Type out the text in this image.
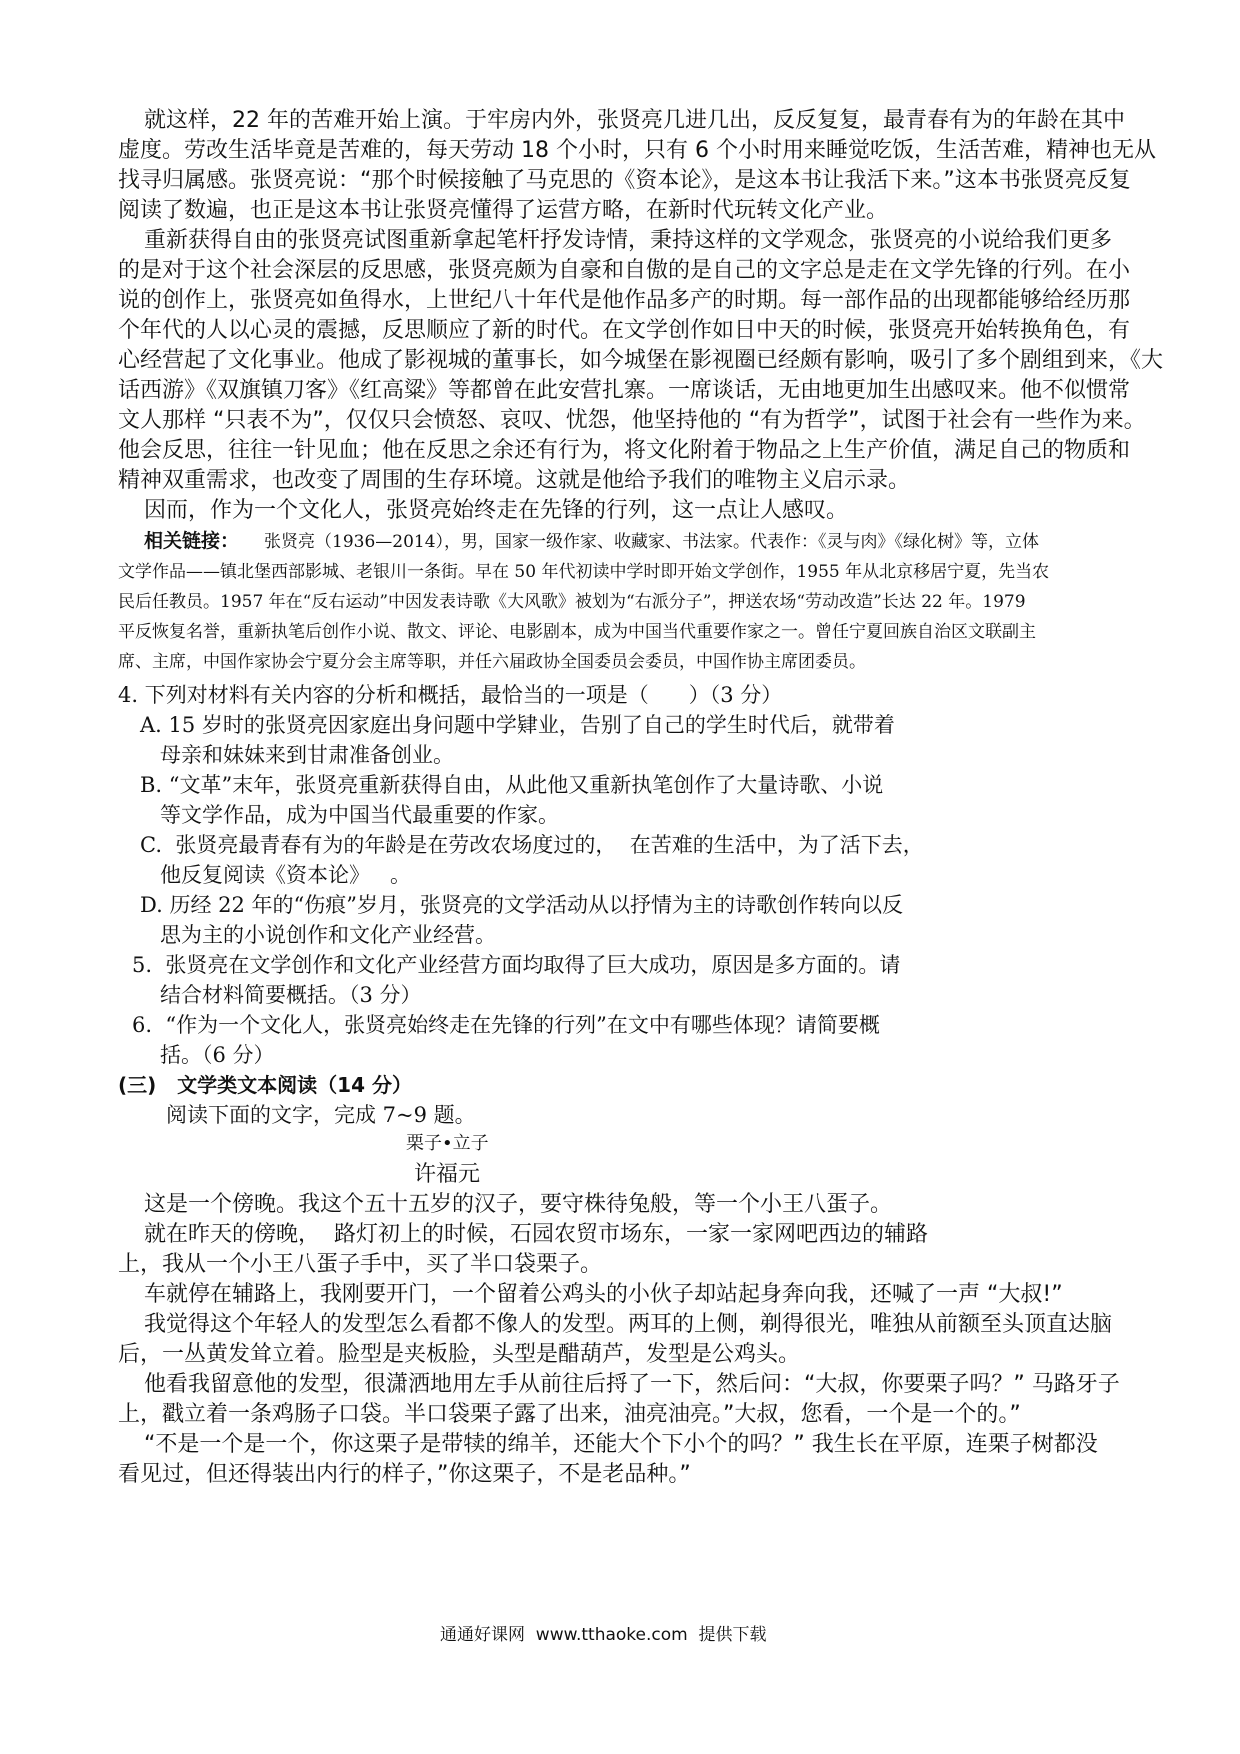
就这样，22 年的苦难开始上演。于牢房内外，张贤亮几进几出，反反复复，最青春有为的年龄在其中
虚度。劳改生活毕竟是苦难的，每天劳动 18 个小时，只有 6 个小时用来睡觉吃饭，生活苦难，精神也无从
找寻归属感。张贤亮说：“那个时候接触了马克思的《资本论》，是这本书让我活下来。”这本书张贤亮反复
阅读了数遍，也正是这本书让张贤亮懂得了运营方略，在新时代玩转文化产业。
重新获得自由的张贤亮试图重新拿起笔杆抒发诗情，秉持这样的文学观念，张贤亮的小说给我们更多
的是对于这个社会深层的反思感，张贤亮颇为自豪和自傲的是自己的文字总是走在文学先锋的行列。在小
说的创作上，张贤亮如鱼得水，上世纪八十年代是他作品多产的时期。每一部作品的出现都能够给经历那
个年代的人以心灵的震撼，反思顺应了新的时代。在文学创作如日中天的时候，张贤亮开始转换角色，有
心经营起了文化事业。他成了影视城的董事长，如今城堡在影视圈已经颇有影响，吸引了多个剧组到来，《大
话西游》《双旗镇刀客》《红高粱》等都曾在此安营扎寨。一席谈话，无由地更加生出感叹来。他不似惯常
文人那样 “只表不为”，仅仅只会愤怒、哀叹、忧怨，他坚持他的 “有为哲学”，试图于社会有一些作为来。
他会反思，往往一针见血；他在反思之余还有行为，将文化附着于物品之上生产价值，满足自己的物质和
精神双重需求，也改变了周围的生存环境。这就是他给予我们的唯物主义启示录。
因而，作为一个文化人，张贤亮始终走在先锋的行列，这一点让人感叹。
相关链接： 张贤亮（1936—2014），男，国家一级作家、收藏家、书法家。代表作：《灵与肉》《绿化树》等，立体
文学作品——镇北堡西部影城、老银川一条街。早在 50 年代初读中学时即开始文学创作，1955 年从北京移居宁夏，先当农
民后任教员。1957 年在“反右运动”中因发表诗歌《大风歌》被划为“右派分子”，押送农场“劳动改造”长达 22 年。1979
平反恢复名誉，重新执笔后创作小说、散文、评论、电影剧本，成为中国当代重要作家之一。曾任宁夏回族自治区文联副主
席、主席，中国作家协会宁夏分会主席等职，并任六届政协全国委员会委员，中国作协主席团委员。
4. 下列对材料有关内容的分析和概括，最恰当的一项是（      ）（3 分）
A. 15 岁时的张贤亮因家庭出身问题中学肄业，告别了自己的学生时代后，就带着
母亲和妹妹来到甘肃准备创业。
B. “文革”末年，张贤亮重新获得自由，从此他又重新执笔创作了大量诗歌、小说
等文学作品，成为中国当代最重要的作家。
C.  张贤亮最青春有为的年龄是在劳改农场度过的，  在苦难的生活中，为了活下去，
他反复阅读《资本论》   。
D. 历经 22 年的“伤痕”岁月，张贤亮的文学活动从以抒情为主的诗歌创作转向以反
思为主的小说创作和文化产业经营。
5.  张贤亮在文学创作和文化产业经营方面均取得了巨大成功，原因是多方面的。请
结合材料简要概括。（3 分）
6.  “作为一个文化人，张贤亮始终走在先锋的行列”在文中有哪些体现？请简要概
括。（6 分）
(三)   文学类文本阅读（14 分）
阅读下面的文字，完成 7~9 题。
栗子•立子
许福元
这是一个傍晚。我这个五十五岁的汉子，要守株待兔般，等一个小王八蛋子。
就在昨天的傍晚，  路灯初上的时候，石园农贸市场东，一家一家网吧西边的辅路
上，我从一个小王八蛋子手中，买了半口袋栗子。
车就停在辅路上，我刚要开门，一个留着公鸡头的小伙子却站起身奔向我，还喊了一声 “大叔!”
我觉得这个年轻人的发型怎么看都不像人的发型。两耳的上侧，剃得很光，唯独从前额至头顶直达脑
后，一丛黄发耸立着。脸型是夹板脸，头型是醋葫芦，发型是公鸡头。
他看我留意他的发型，很潇洒地用左手从前往后捋了一下，然后问：“大叔，你要栗子吗？” 马路牙子
上，戳立着一条鸡肠子口袋。半口袋栗子露了出来，油亮油亮。”大叔，您看，一个是一个的。”
“不是一个是一个，你这栗子是带犊的绵羊，还能大个下小个的吗？” 我生长在平原，连栗子树都没
看见过，但还得装出内行的样子，”你这栗子，不是老品种。”
通通好课网  www.tthaoke.com  提供下载
